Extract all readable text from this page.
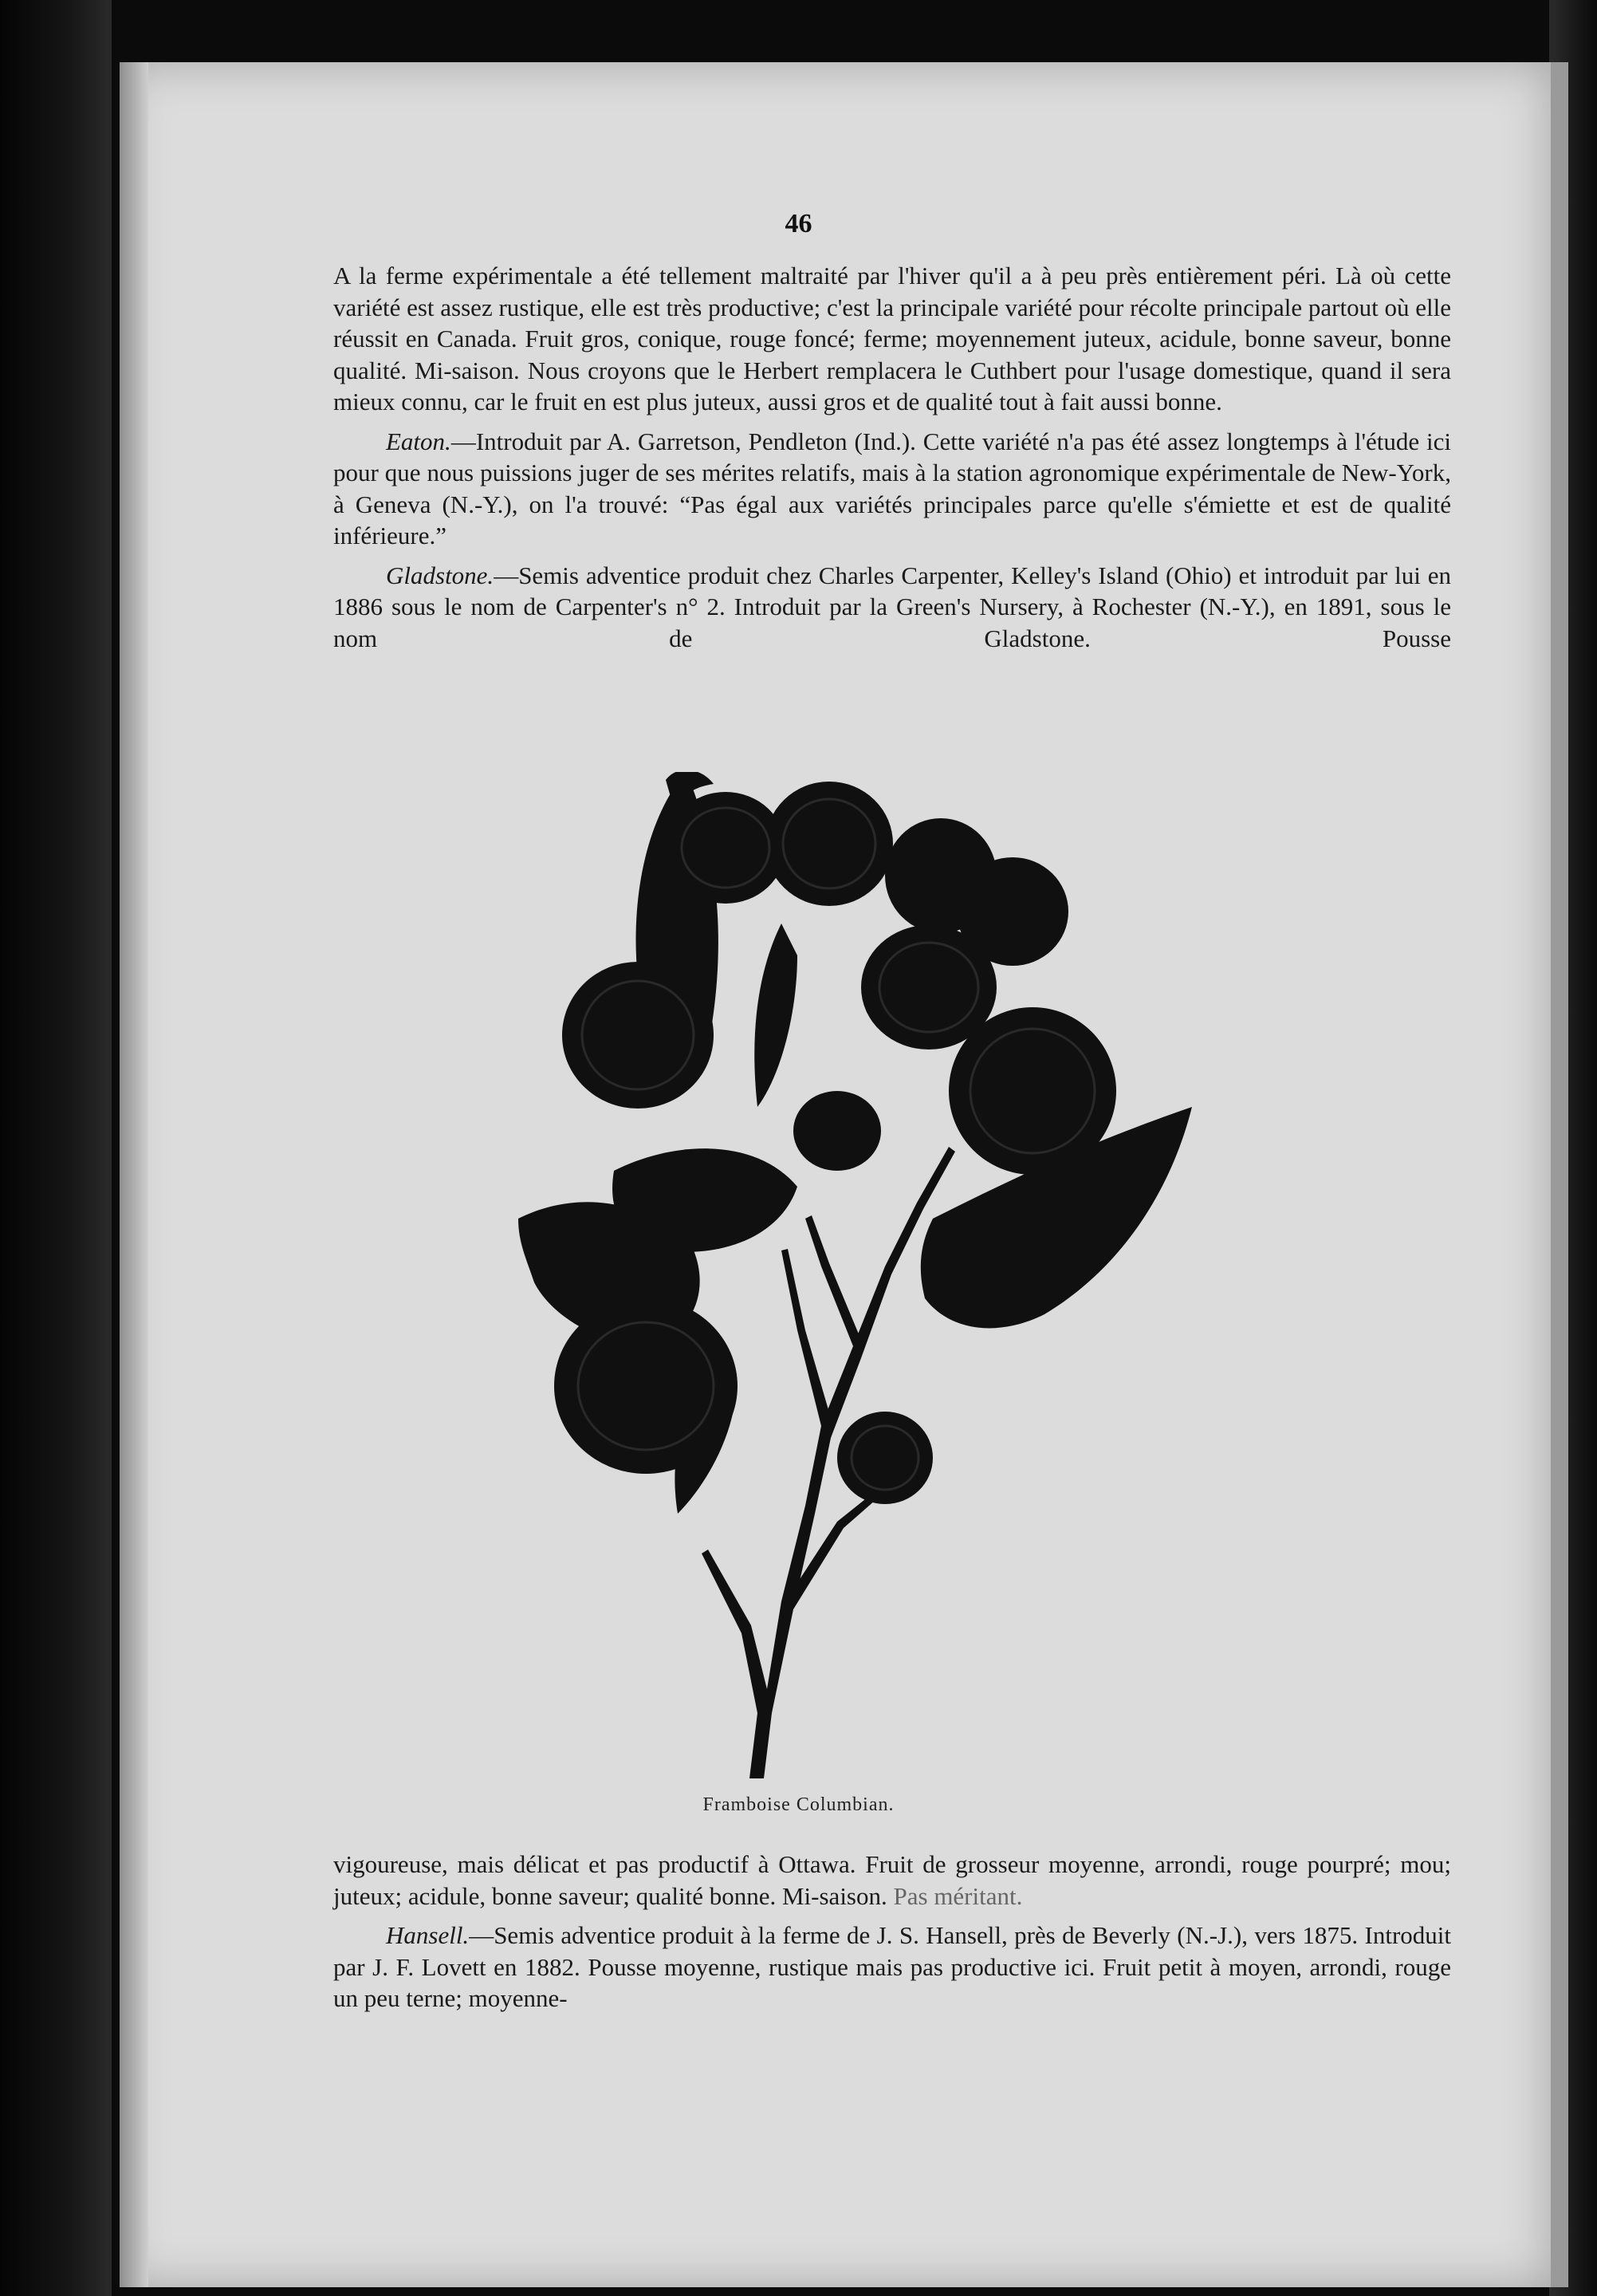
46

A la ferme expérimentale a été tellement maltraité par l'hiver qu'il a à peu près entièrement péri. Là où cette variété est assez rustique, elle est très productive; c'est la principale variété pour récolte principale partout où elle réussit en Canada. Fruit gros, conique, rouge foncé; ferme; moyennement juteux, acidule, bonne saveur, bonne qualité. Mi-saison. Nous croyons que le Herbert remplacera le Cuthbert pour l'usage domestique, quand il sera mieux connu, car le fruit en est plus juteux, aussi gros et de qualité tout à fait aussi bonne.

Eaton.—Introduit par A. Garretson, Pendleton (Ind.). Cette variété n'a pas été assez longtemps à l'étude ici pour que nous puissions juger de ses mérites relatifs, mais à la station agronomique expérimentale de New-York, à Geneva (N.-Y.), on l'a trouvé: “Pas égal aux variétés principales parce qu'elle s'émiette et est de qualité inférieure.”

Gladstone.—Semis adventice produit chez Charles Carpenter, Kelley's Island (Ohio) et introduit par lui en 1886 sous le nom de Carpenter's n° 2. Introduit par la Green's Nursery, à Rochester (N.-Y.), en 1891, sous le nom de Gladstone. Pousse

Framboise Columbian.

vigoureuse, mais délicat et pas productif à Ottawa. Fruit de grosseur moyenne, arrondi, rouge pourpré; mou; juteux; acidule, bonne saveur; qualité bonne. Mi-saison. Pas méritant.

Hansell.—Semis adventice produit à la ferme de J. S. Hansell, près de Beverly (N.-J.), vers 1875. Introduit par J. F. Lovett en 1882. Pousse moyenne, rustique mais pas productive ici. Fruit petit à moyen, arrondi, rouge un peu terne; moyenne-
